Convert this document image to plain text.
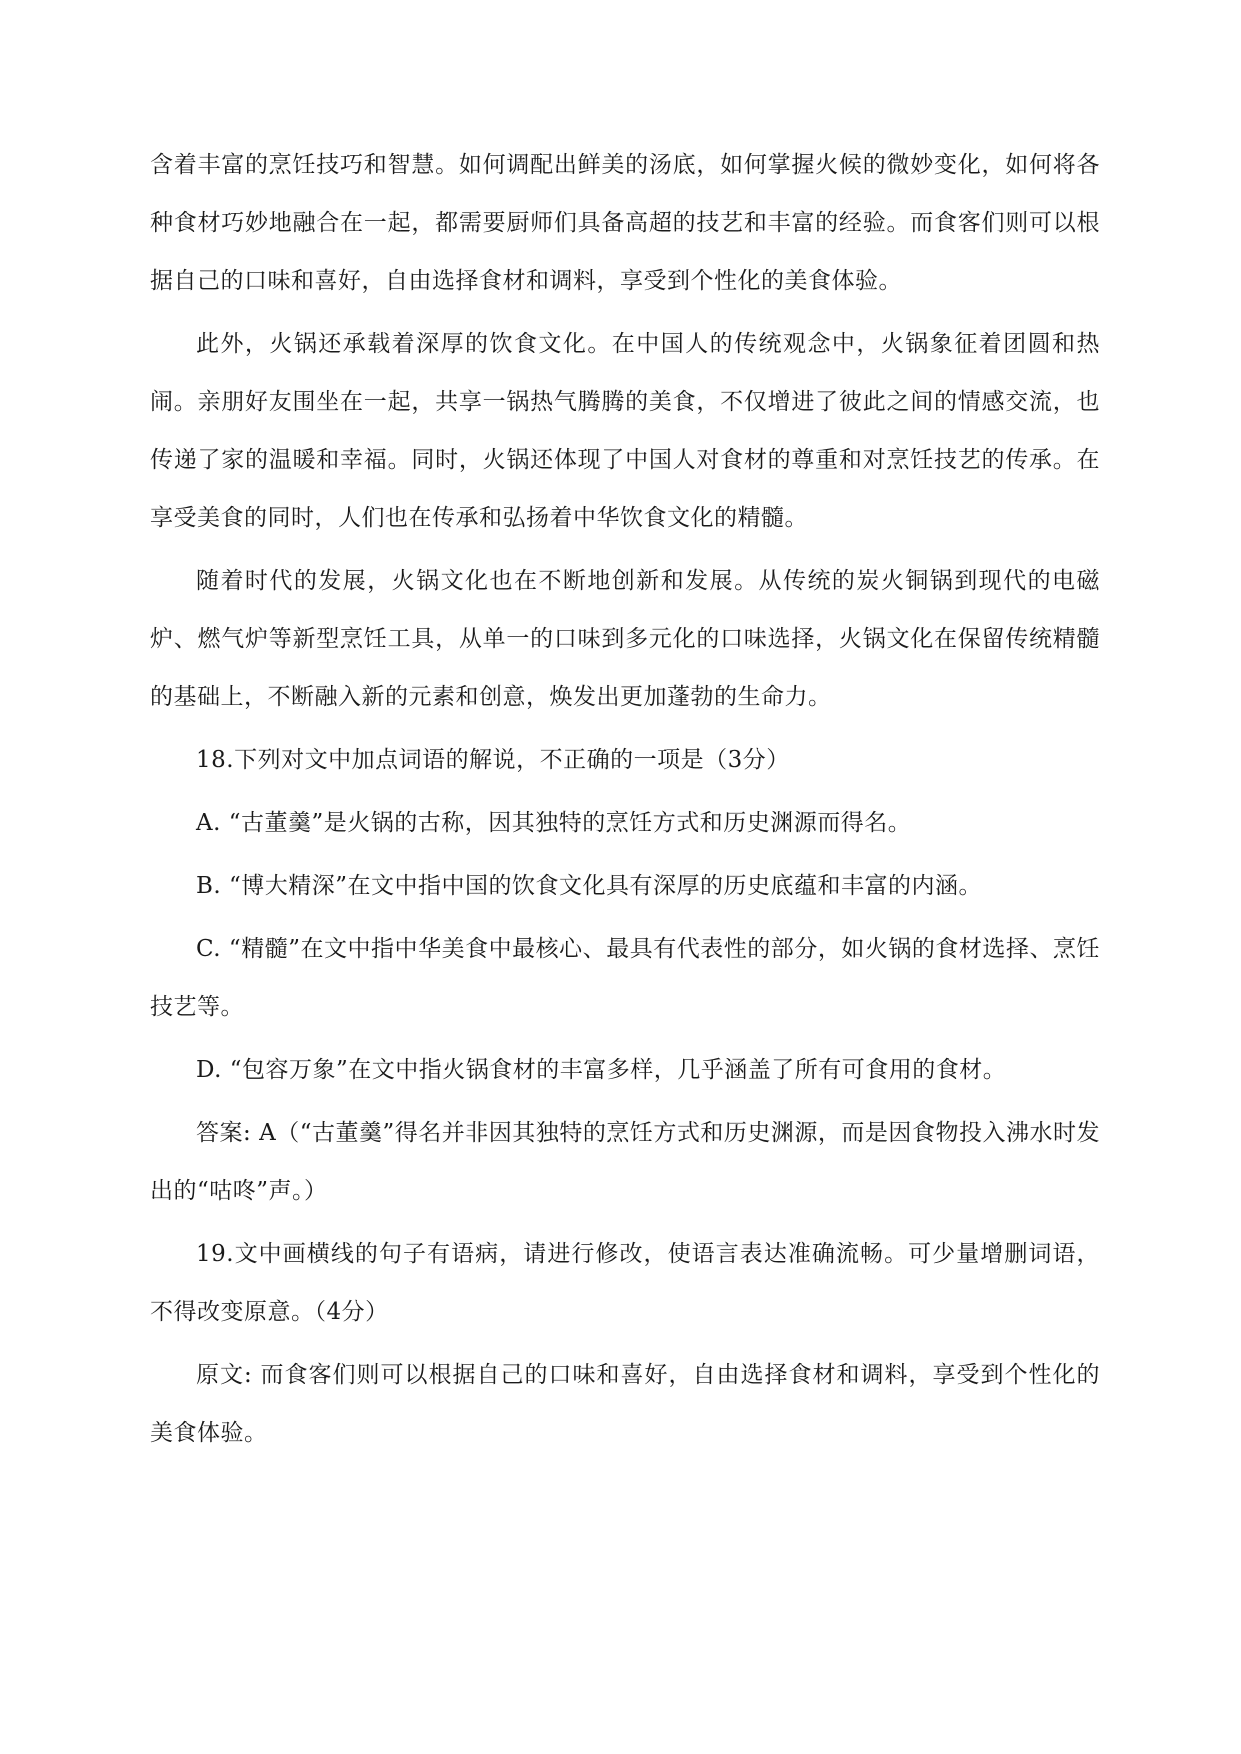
含着丰富的烹饪技巧和智慧。如何调配出鲜美的汤底，如何掌握火候的微妙变化，如何将各种食材巧妙地融合在一起，都需要厨师们具备高超的技艺和丰富的经验。而食客们则可以根据自己的口味和喜好，自由选择食材和调料，享受到个性化的美食体验。

此外，火锅还承载着深厚的饮食文化。在中国人的传统观念中，火锅象征着团圆和热闹。亲朋好友围坐在一起，共享一锅热气腾腾的美食，不仅增进了彼此之间的情感交流，也传递了家的温暖和幸福。同时，火锅还体现了中国人对食材的尊重和对烹饪技艺的传承。在享受美食的同时，人们也在传承和弘扬着中华饮食文化的精髓。

随着时代的发展，火锅文化也在不断地创新和发展。从传统的炭火铜锅到现代的电磁炉、燃气炉等新型烹饪工具，从单一的口味到多元化的口味选择，火锅文化在保留传统精髓的基础上，不断融入新的元素和创意，焕发出更加蓬勃的生命力。

18.下列对文中加点词语的解说，不正确的一项是（3分）

A. “古董羹”是火锅的古称，因其独特的烹饪方式和历史渊源而得名。

B. “博大精深”在文中指中国的饮食文化具有深厚的历史底蕴和丰富的内涵。

C. “精髓”在文中指中华美食中最核心、最具有代表性的部分，如火锅的食材选择、烹饪技艺等。

D. “包容万象”在文中指火锅食材的丰富多样，几乎涵盖了所有可食用的食材。

答案: A（“古董羹”得名并非因其独特的烹饪方式和历史渊源，而是因食物投入沸水时发出的“咕咚”声。）

19.文中画横线的句子有语病，请进行修改，使语言表达准确流畅。可少量增删词语，不得改变原意。（4分）

原文: 而食客们则可以根据自己的口味和喜好，自由选择食材和调料，享受到个性化的美食体验。
